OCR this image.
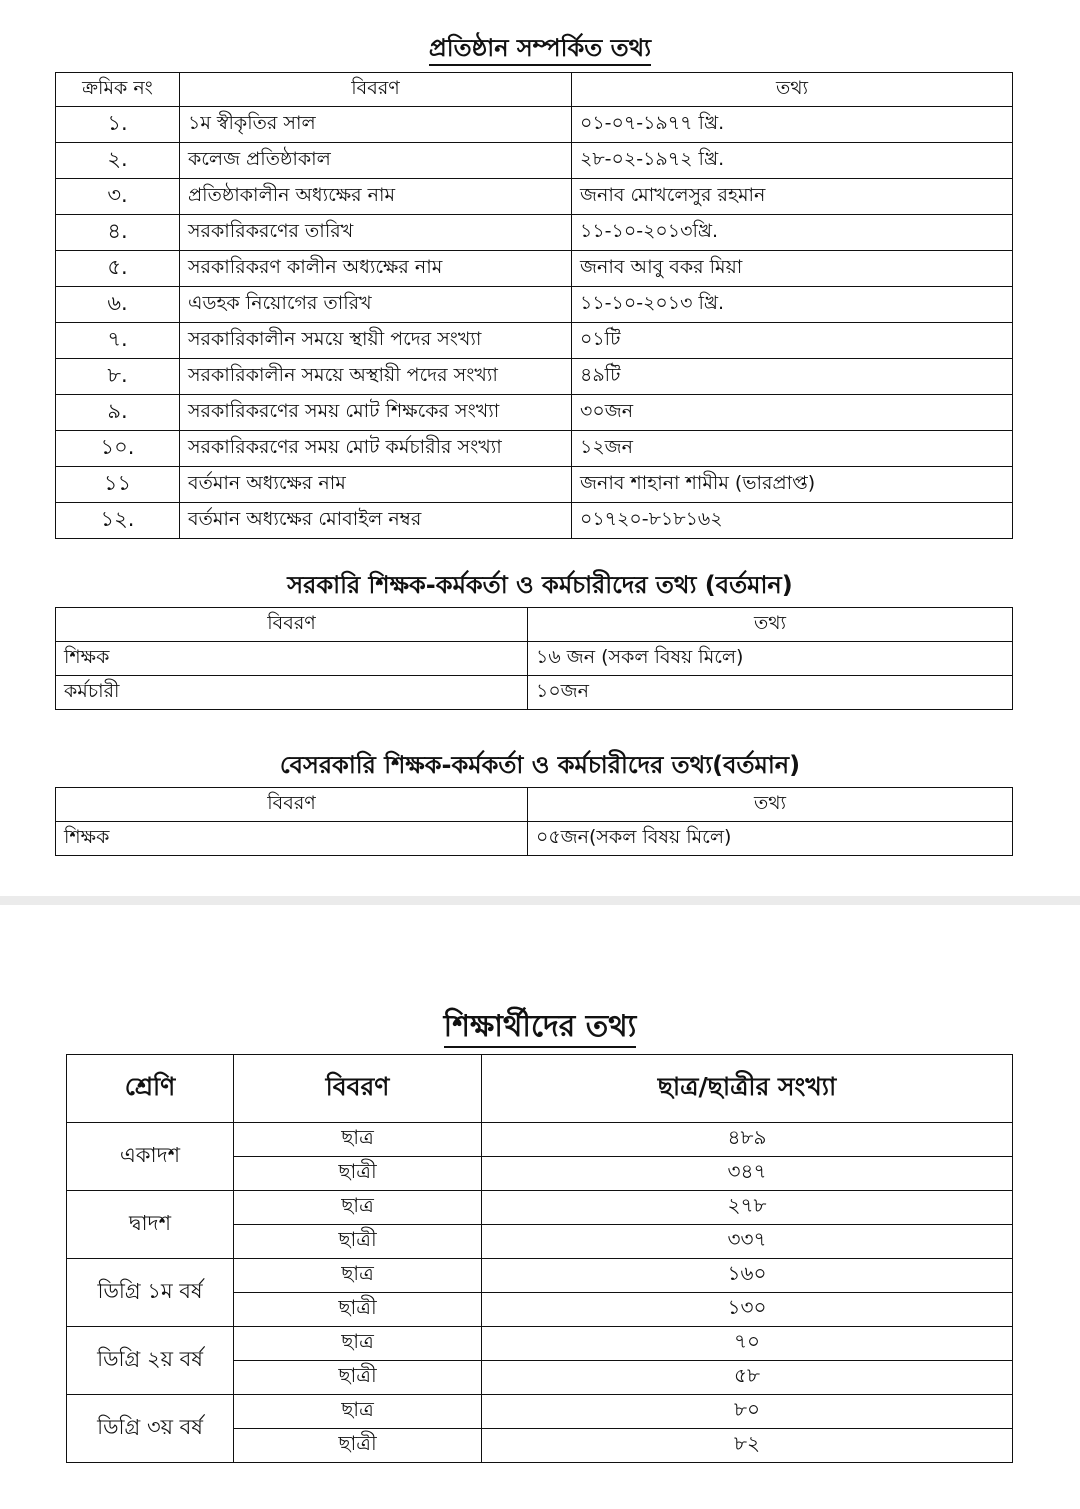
প্রতিষ্ঠান সম্পর্কিত তথ্য
ক্রমিক নং	বিবরণ	তথ্য
১.	১ম স্বীকৃতির সাল	০১-০৭-১৯৭৭ খ্রি.
২.	কলেজ প্রতিষ্ঠাকাল	২৮-০২-১৯৭২ খ্রি.
৩.	প্রতিষ্ঠাকালীন অধ্যক্ষের নাম	জনাব মোখলেসুর রহমান
৪.	সরকারিকরণের তারিখ	১১-১০-২০১৩খ্রি.
৫.	সরকারিকরণ কালীন অধ্যক্ষের নাম	জনাব আবু বকর মিয়া
৬.	এডহক নিয়োগের তারিখ	১১-১০-২০১৩ খ্রি.
৭.	সরকারিকালীন সময়ে স্থায়ী পদের সংখ্যা	০১টি
৮.	সরকারিকালীন সময়ে অস্থায়ী পদের সংখ্যা	৪৯টি
৯.	সরকারিকরণের সময় মোট শিক্ষকের সংখ্যা	৩০জন
১০.	সরকারিকরণের সময় মোট কর্মচারীর সংখ্যা	১২জন
১১	বর্তমান অধ্যক্ষের নাম	জনাব শাহানা শামীম (ভারপ্রাপ্ত)
১২.	বর্তমান অধ্যক্ষের মোবাইল নম্বর	০১৭২০-৮১৮১৬২
সরকারি শিক্ষক-কর্মকর্তা ও কর্মচারীদের তথ্য (বর্তমান)
বিবরণ	তথ্য
শিক্ষক	১৬ জন (সকল বিষয় মিলে)
কর্মচারী	১০জন
বেসরকারি শিক্ষক-কর্মকর্তা ও কর্মচারীদের তথ্য(বর্তমান)
বিবরণ	তথ্য
শিক্ষক	০৫জন(সকল বিষয় মিলে)
শিক্ষার্থীদের তথ্য
শ্রেণি	বিবরণ	ছাত্র/ছাত্রীর সংখ্যা
একাদশ	ছাত্র	৪৮৯
	ছাত্রী	৩৪৭
দ্বাদশ	ছাত্র	২৭৮
	ছাত্রী	৩৩৭
ডিগ্রি ১ম বর্ষ	ছাত্র	১৬০
	ছাত্রী	১৩০
ডিগ্রি ২য় বর্ষ	ছাত্র	৭০
	ছাত্রী	৫৮
ডিগ্রি ৩য় বর্ষ	ছাত্র	৮০
	ছাত্রী	৮২
